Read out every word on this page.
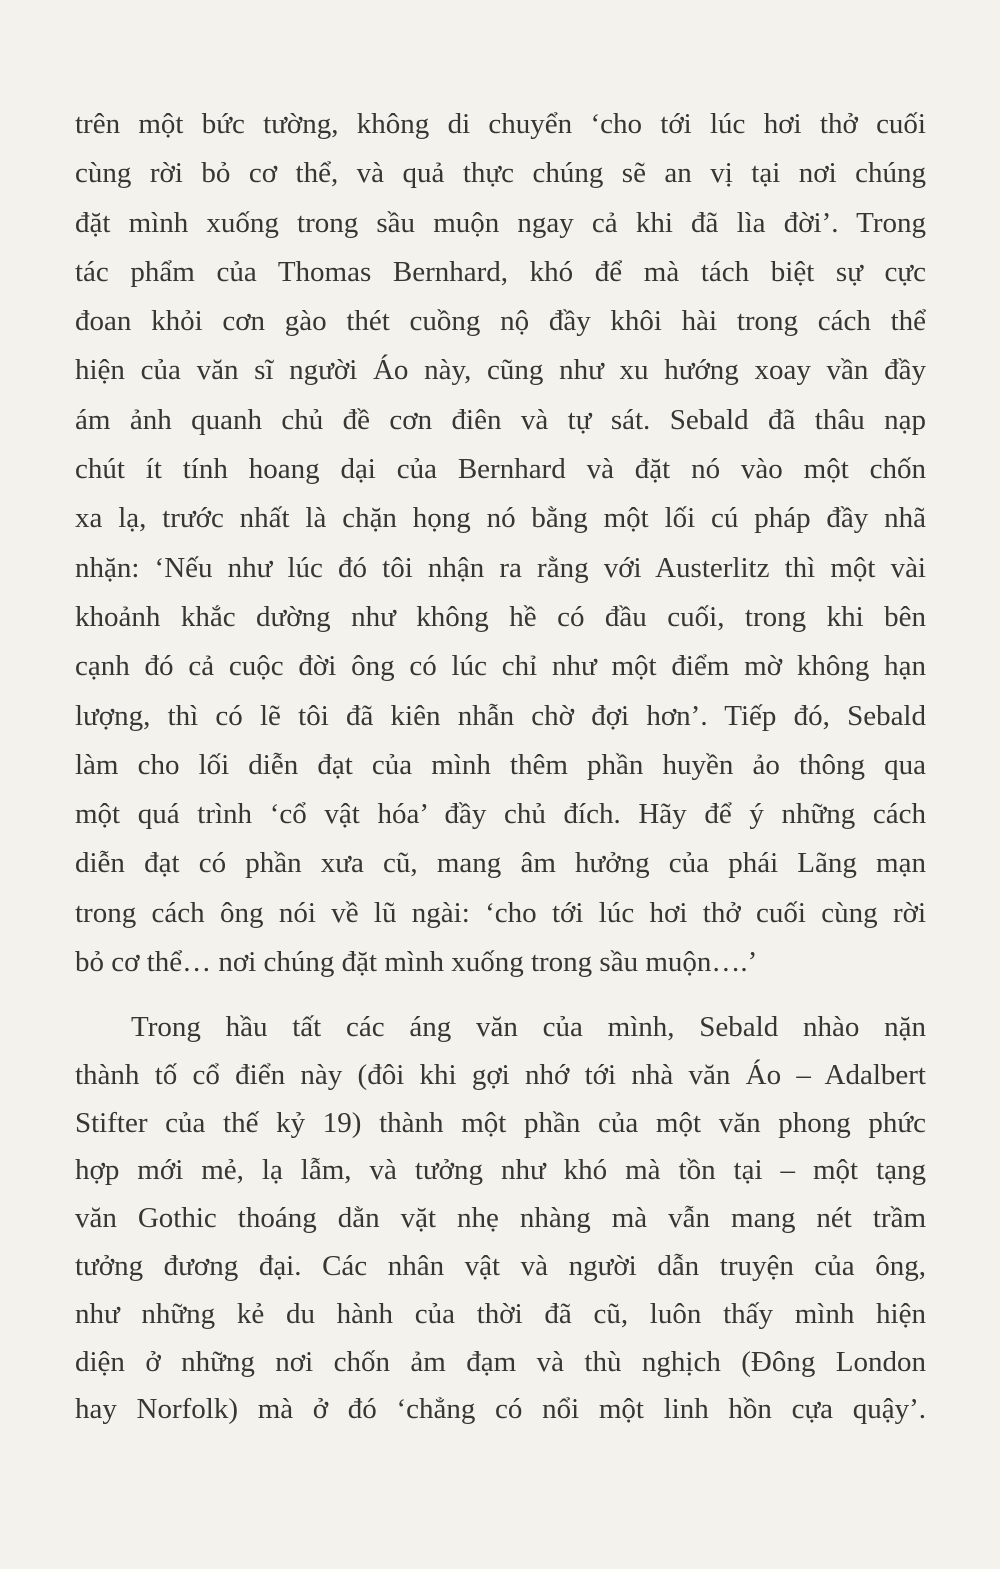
trên một bức tường, không di chuyển ‘cho tới lúc hơi thở cuối
cùng rời bỏ cơ thể, và quả thực chúng sẽ an vị tại nơi chúng
đặt mình xuống trong sầu muộn ngay cả khi đã lìa đời’. Trong
tác phẩm của Thomas Bernhard, khó để mà tách biệt sự cực
đoan khỏi cơn gào thét cuồng nộ đầy khôi hài trong cách thể
hiện của văn sĩ người Áo này, cũng như xu hướng xoay vần đầy
ám ảnh quanh chủ đề cơn điên và tự sát. Sebald đã thâu nạp
chút ít tính hoang dại của Bernhard và đặt nó vào một chốn
xa lạ, trước nhất là chặn họng nó bằng một lối cú pháp đầy nhã
nhặn: ‘Nếu như lúc đó tôi nhận ra rằng với Austerlitz thì một vài
khoảnh khắc dường như không hề có đầu cuối, trong khi bên
cạnh đó cả cuộc đời ông có lúc chỉ như một điểm mờ không hạn
lượng, thì có lẽ tôi đã kiên nhẫn chờ đợi hơn’. Tiếp đó, Sebald
làm cho lối diễn đạt của mình thêm phần huyền ảo thông qua
một quá trình ‘cổ vật hóa’ đầy chủ đích. Hãy để ý những cách
diễn đạt có phần xưa cũ, mang âm hưởng của phái Lãng mạn
trong cách ông nói về lũ ngài: ‘cho tới lúc hơi thở cuối cùng rời
bỏ cơ thể… nơi chúng đặt mình xuống trong sầu muộn….’
Trong hầu tất các áng văn của mình, Sebald nhào nặn
thành tố cổ điển này (đôi khi gợi nhớ tới nhà văn Áo – Adalbert
Stifter của thế kỷ 19) thành một phần của một văn phong phức
hợp mới mẻ, lạ lẫm, và tưởng như khó mà tồn tại – một tạng
văn Gothic thoáng dằn vặt nhẹ nhàng mà vẫn mang nét trầm
tưởng đương đại. Các nhân vật và người dẫn truyện của ông,
như những kẻ du hành của thời đã cũ, luôn thấy mình hiện
diện ở những nơi chốn ảm đạm và thù nghịch (Đông London
hay Norfolk) mà ở đó ‘chẳng có nổi một linh hồn cựa quậy’.
